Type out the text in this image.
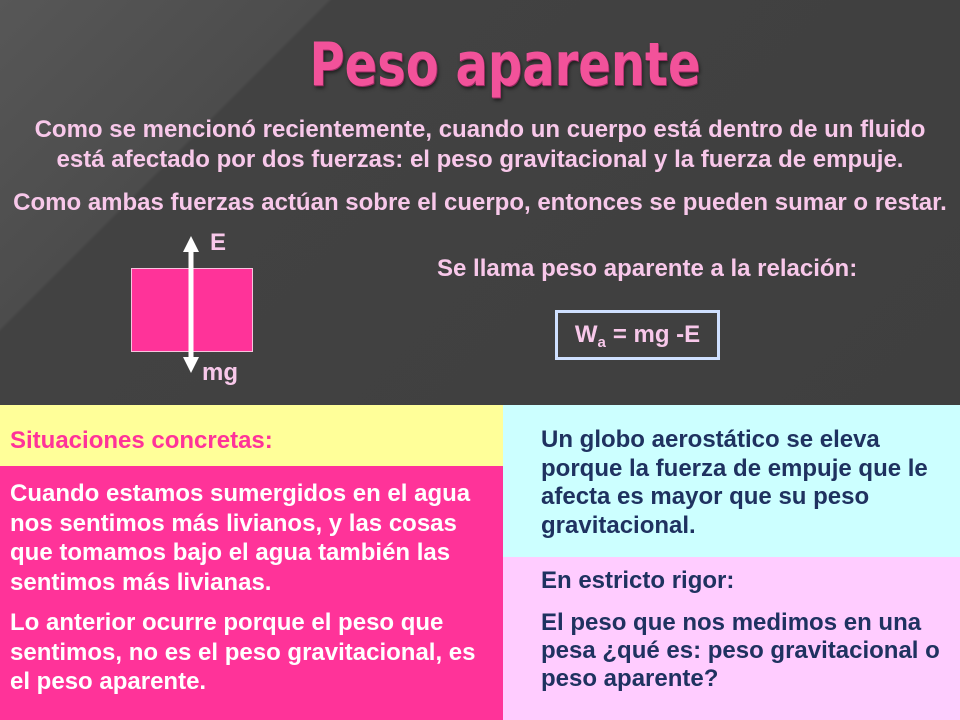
Peso aparente

Como se mencionó recientemente, cuando un cuerpo está dentro de un fluido está afectado por dos fuerzas: el peso gravitacional y la fuerza de empuje.

Como ambas fuerzas actúan sobre el cuerpo, entonces se pueden sumar o restar.

E
mg
Se llama peso aparente a la relación:
$W_a$ = mg -E
Situaciones concretas:

Cuando estamos sumergidos en el agua nos sentimos más livianos, y las cosas que tomamos bajo el agua también las sentimos más livianas.

Lo anterior ocurre porque el peso que sentimos, no es el peso gravitacional, es el peso aparente.

Un globo aerostático se eleva porque la fuerza de empuje que le afecta es mayor que su peso gravitacional.

En estricto rigor:

El peso que nos medimos en una pesa ¿qué es: peso gravitacional o peso aparente?
